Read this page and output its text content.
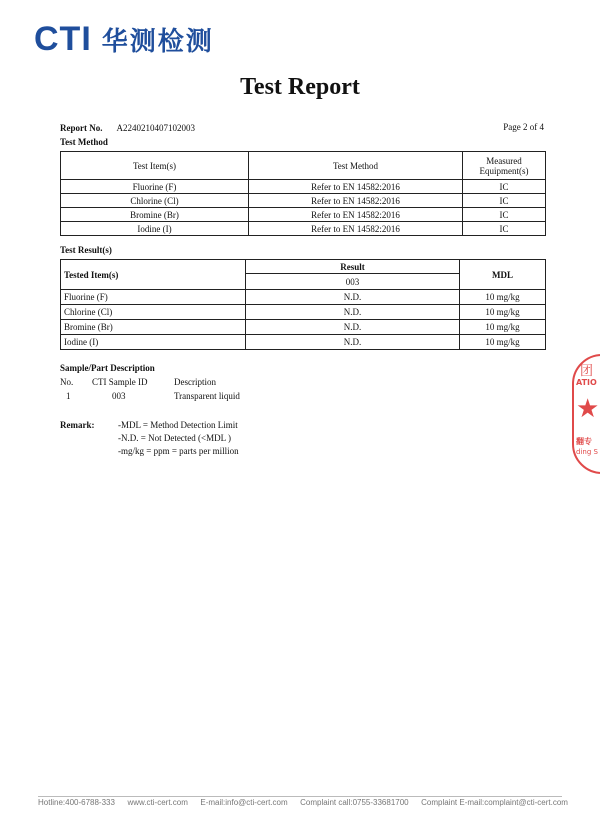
CTI 华测检测
Test Report
Report No. A2240210407102003	Page 2 of 4
Test Method
Test Item(s)	Test Method	Measured Equipment(s)
Fluorine (F)	Refer to EN 14582:2016	IC
Chlorine (Cl)	Refer to EN 14582:2016	IC
Bromine (Br)	Refer to EN 14582:2016	IC
Iodine (I)	Refer to EN 14582:2016	IC
Test Result(s)
Tested Item(s)	Result	MDL
	003	
Fluorine (F)	N.D.	10 mg/kg
Chlorine (Cl)	N.D.	10 mg/kg
Bromine (Br)	N.D.	10 mg/kg
Iodine (I)	N.D.	10 mg/kg
Sample/Part Description
No.	CTI Sample ID	Description
1	003	Transparent liquid
Remark:	-MDL = Method Detection Limit
-N.D. = Not Detected (<MDL )
-mg/kg = ppm = parts per million
团
ATIO
★
翻专
ding S
Hotline:400-6788-333 www.cti-cert.com E-mail:info@cti-cert.com Complaint call:0755-33681700 Complaint E-mail:complaint@cti-cert.com
